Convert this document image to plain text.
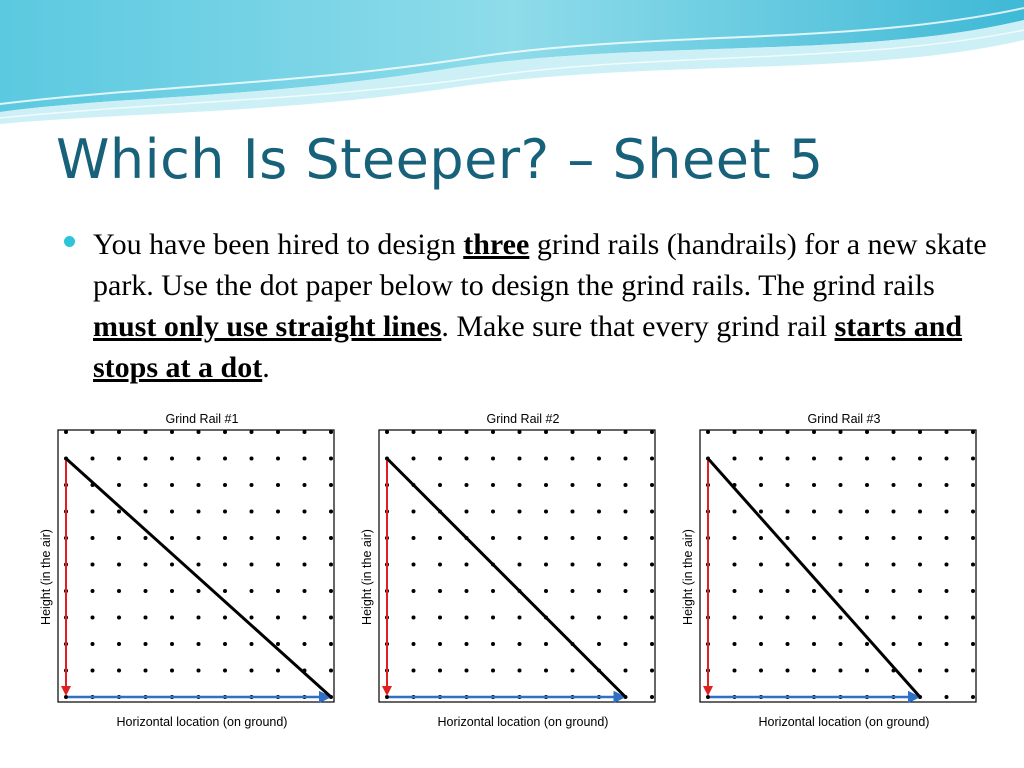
Which Is Steeper? – Sheet 5

You have been hired to design three grind rails (handrails) for a new skate park. Use the dot paper below to design the grind rails. The grind rails must only use straight lines. Make sure that every grind rail starts and stops at a dot.

Grind Rail #1
Height (in the air)
Horizontal location (on ground)
Grind Rail #2
Height (in the air)
Horizontal location (on ground)
Grind Rail #3
Height (in the air)
Horizontal location (on ground)
